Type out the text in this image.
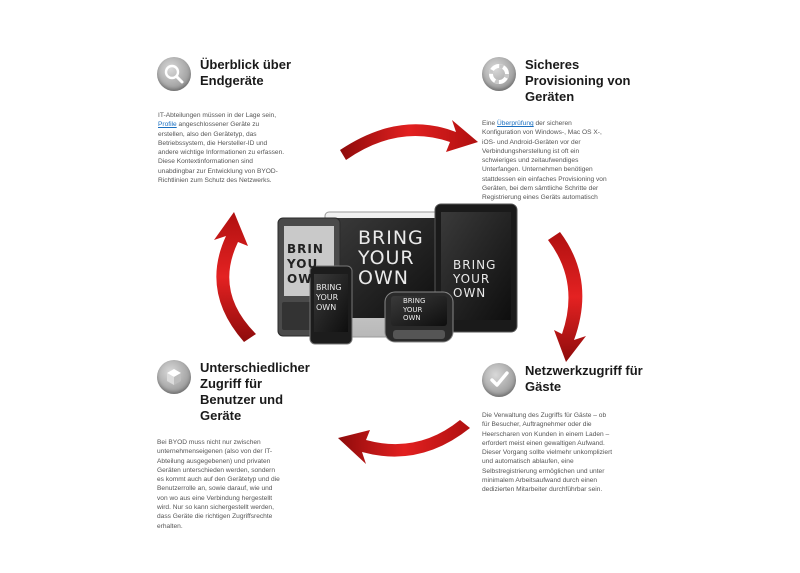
Überblick über
Endgeräte
IT-Abteilungen müssen in der Lage sein,
Profile angeschlossener Geräte zu
erstellen, also den Gerätetyp, das
Betriebssystem, die Hersteller-ID und
andere wichtige Informationen zu erfassen.
Diese Kontextinformationen sind
unabdingbar zur Entwicklung von BYOD-
Richtlinien zum Schutz des Netzwerks.
Sicheres
Provisioning von
Geräten
Eine Überprüfung der sicheren
Konfiguration von Windows-, Mac OS X-,
iOS- und Android-Geräten vor der
Verbindungsherstellung ist oft ein
schwieriges und zeitaufwendiges
Unterfangen. Unternehmen benötigen
stattdessen ein einfaches Provisioning von
Geräten, bei dem sämtliche Schritte der
Registrierung eines Geräts automatisch

Unterschiedlicher
Zugriff für
Benutzer und
Geräte
Bei BYOD muss nicht nur zwischen
unternehmenseigenen (also von der IT-
Abteilung ausgegebenen) und privaten
Geräten unterschieden werden, sondern
es kommt auch auf den Gerätetyp und die
Benutzerrolle an, sowie darauf, wie und
von wo aus eine Verbindung hergestellt
wird. Nur so kann sichergestellt werden,
dass Geräte die richtigen Zugriffsrechte
erhalten.
Netzwerkzugriff für
Gäste
Die Verwaltung des Zugriffs für Gäste – ob
für Besucher, Auftragnehmer oder die
Heerscharen von Kunden in einem Laden –
erfordert meist einen gewaltigen Aufwand.
Dieser Vorgang sollte vielmehr unkompliziert
und automatisch ablaufen, eine
Selbstregistrierung ermöglichen und unter
minimalem Arbeitsaufwand durch einen
dedizierten Mitarbeiter durchführbar sein.
BRING
YOUR
OWN
BRIN
YOU
OW
BRING
YOUR
OWN
BRING
YOUR
OWN
BRING
YOUR
OWN
